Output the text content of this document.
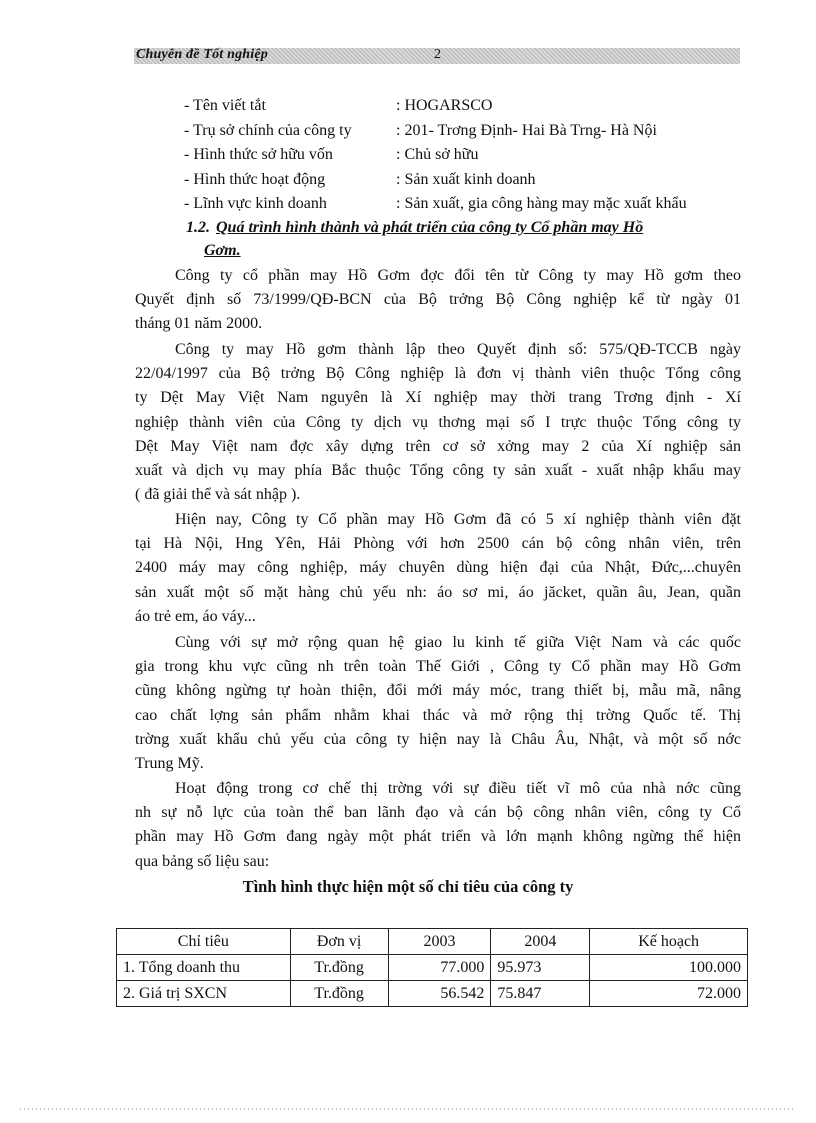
Chuyên đề Tốt nghiệp	2
- Tên viết tắt	: HOGARSCO
- Trụ sở chính của công ty	: 201- Trơng Định- Hai Bà Trng- Hà Nội
- Hình thức sở hữu vốn	: Chủ sở hữu
- Hình thức hoạt động	: Sản xuất kinh doanh
- Lĩnh vực kinh doanh	: Sản xuất, gia công hàng may mặc xuất khẩu
1.2. Quá trình hình thành và phát triển của công ty Cổ phần may Hồ
Gơm.
Công ty cổ phần may Hồ Gơm đợc đổi tên từ Công ty may Hồ gơm theo
Quyết định số 73/1999/QĐ-BCN của Bộ trởng Bộ Công nghiệp kể từ ngày 01
tháng 01 năm 2000.
Công ty may Hồ gơm thành lập theo Quyết định số: 575/QĐ-TCCB ngày
22/04/1997 của Bộ trởng Bộ Công nghiệp là đơn vị thành viên thuộc Tổng công
ty Dệt May Việt Nam nguyên là Xí nghiệp may thời trang Trơng định - Xí
nghiệp thành viên của Công ty dịch vụ thơng mại số I trực thuộc Tổng công ty
Dệt May Việt nam đợc xây dựng trên cơ sở xởng may 2 của Xí nghiệp sản
xuất và dịch vụ may phía Bắc thuộc Tổng công ty sản xuất - xuất nhập khẩu may
( đã giải thể và sát nhập ).
Hiện nay, Công ty Cổ phần may Hồ Gơm đã có 5 xí nghiệp thành viên đặt
tại Hà Nội, Hng Yên, Hải Phòng với hơn 2500 cán bộ công nhân viên, trên
2400 máy may công nghiệp, máy chuyên dùng hiện đại của Nhật, Đức,...chuyên
sản xuất một số mặt hàng chủ yếu nh: áo sơ mi, áo jăcket, quần âu, Jean, quần
áo trẻ em, áo váy...
Cùng với sự mở rộng quan hệ giao lu kinh tế giữa Việt Nam và các quốc
gia trong khu vực cũng nh trên toàn Thế Giới , Công ty Cổ phần may Hồ Gơm
cũng không ngừng tự hoàn thiện, đổi mới máy móc, trang thiết bị, mẫu mã, nâng
cao chất lợng sản phẩm nhằm khai thác và mở rộng thị trờng Quốc tế. Thị
trờng xuất khẩu chủ yếu của công ty hiện nay là Châu Âu, Nhật, và một số nớc
Trung Mỹ.
Hoạt động trong cơ chế thị trờng với sự điều tiết vĩ mô của nhà nớc cũng
nh sự nỗ lực của toàn thể ban lãnh đạo và cán bộ công nhân viên, công ty Cổ
phần may Hồ Gơm đang ngày một phát triển và lớn mạnh không ngừng thể hiện
qua bảng số liệu sau:
Tình hình thực hiện một số chỉ tiêu của công ty
Chỉ tiêu	Đơn vị	2003	2004	Kế hoạch
1. Tổng doanh thu	Tr.đồng	77.000	95.973	100.000
2. Giá trị SXCN	Tr.đồng	56.542	75.847	72.000
